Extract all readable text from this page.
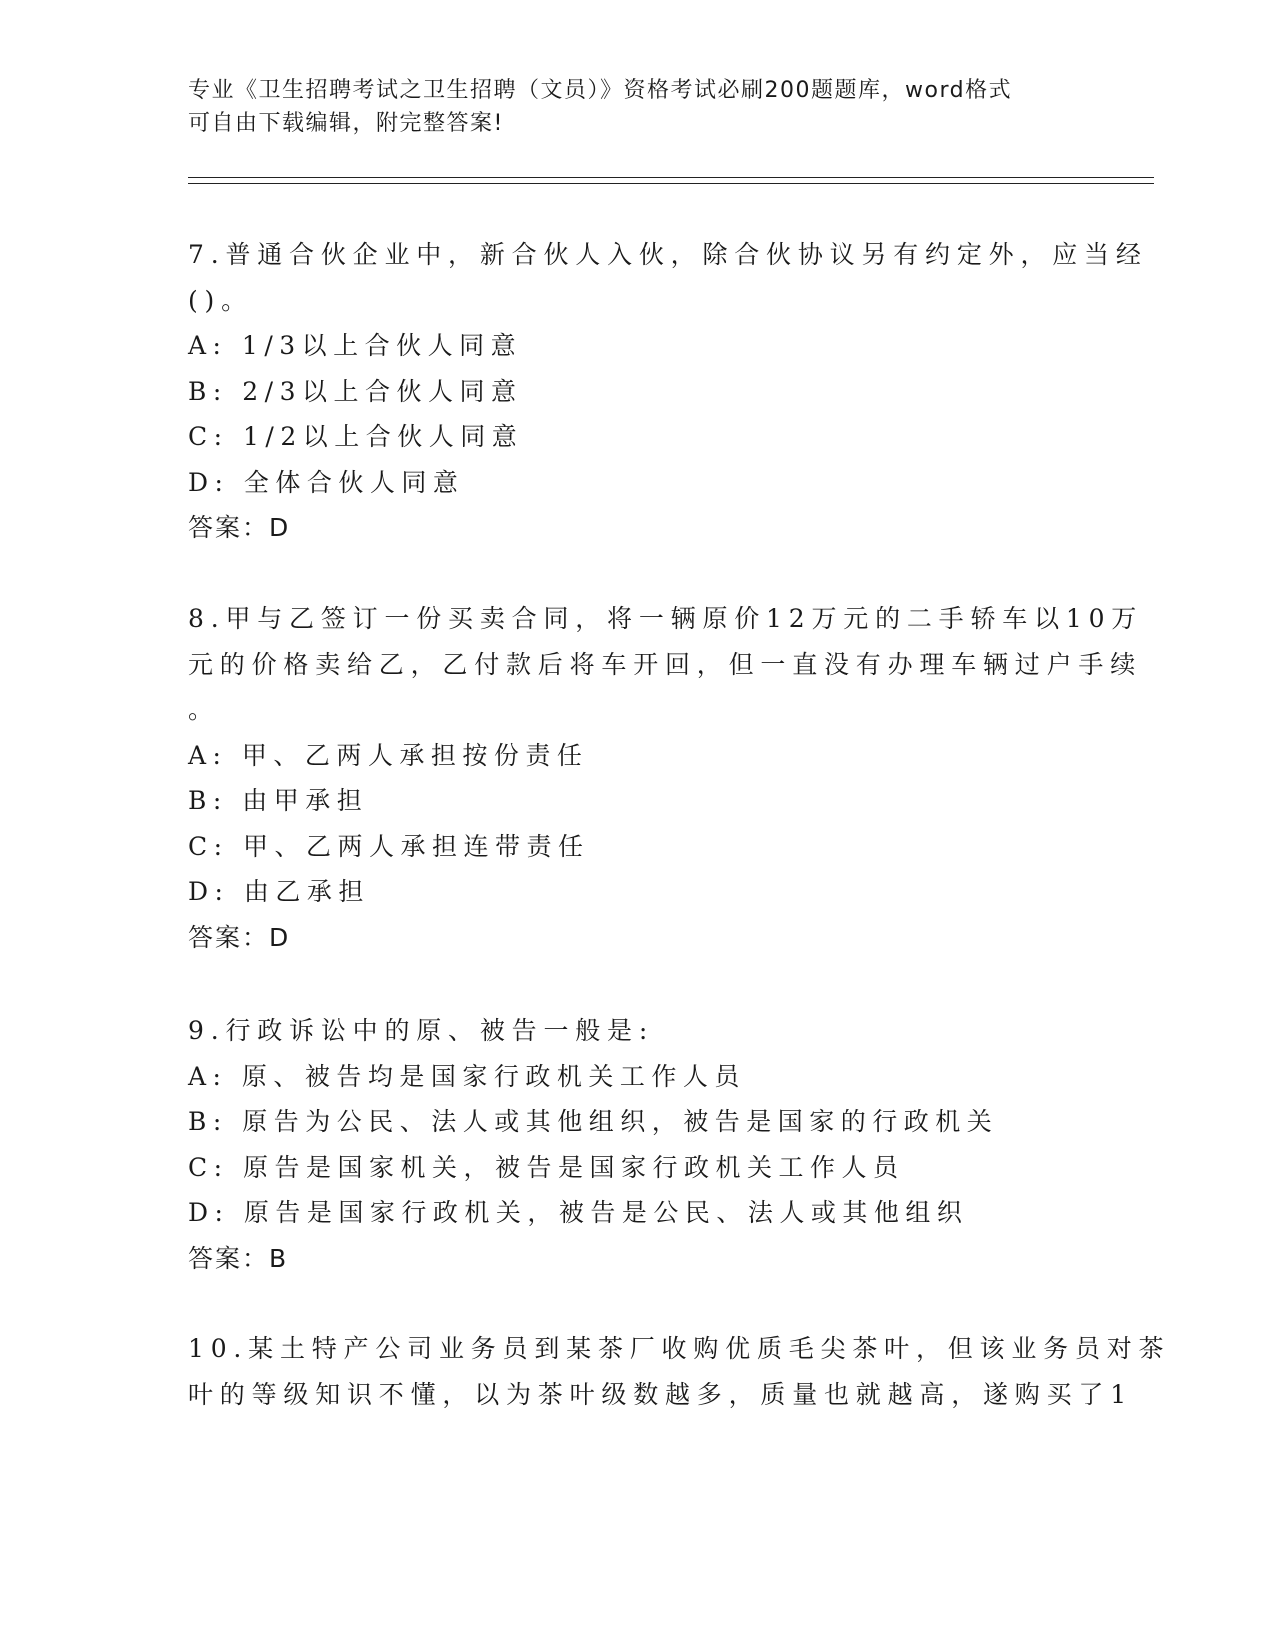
专业《卫生招聘考试之卫生招聘（文员）》资格考试必刷200题题库，word格式
可自由下载编辑，附完整答案!
7.普通合伙企业中，新合伙人入伙，除合伙协议另有约定外，应当经
()。
A: 1/3以上合伙人同意
B: 2/3以上合伙人同意
C: 1/2以上合伙人同意
D: 全体合伙人同意
答案：D
8.甲与乙签订一份买卖合同，将一辆原价12万元的二手轿车以10万
元的价格卖给乙，乙付款后将车开回，但一直没有办理车辆过户手续
。
A: 甲、乙两人承担按份责任
B: 由甲承担
C: 甲、乙两人承担连带责任
D: 由乙承担
答案：D
9.行政诉讼中的原、被告一般是:
A: 原、被告均是国家行政机关工作人员
B: 原告为公民、法人或其他组织，被告是国家的行政机关
C: 原告是国家机关，被告是国家行政机关工作人员
D: 原告是国家行政机关，被告是公民、法人或其他组织
答案：B
10.某土特产公司业务员到某茶厂收购优质毛尖茶叶，但该业务员对茶
叶的等级知识不懂，以为茶叶级数越多，质量也就越高，遂购买了1
